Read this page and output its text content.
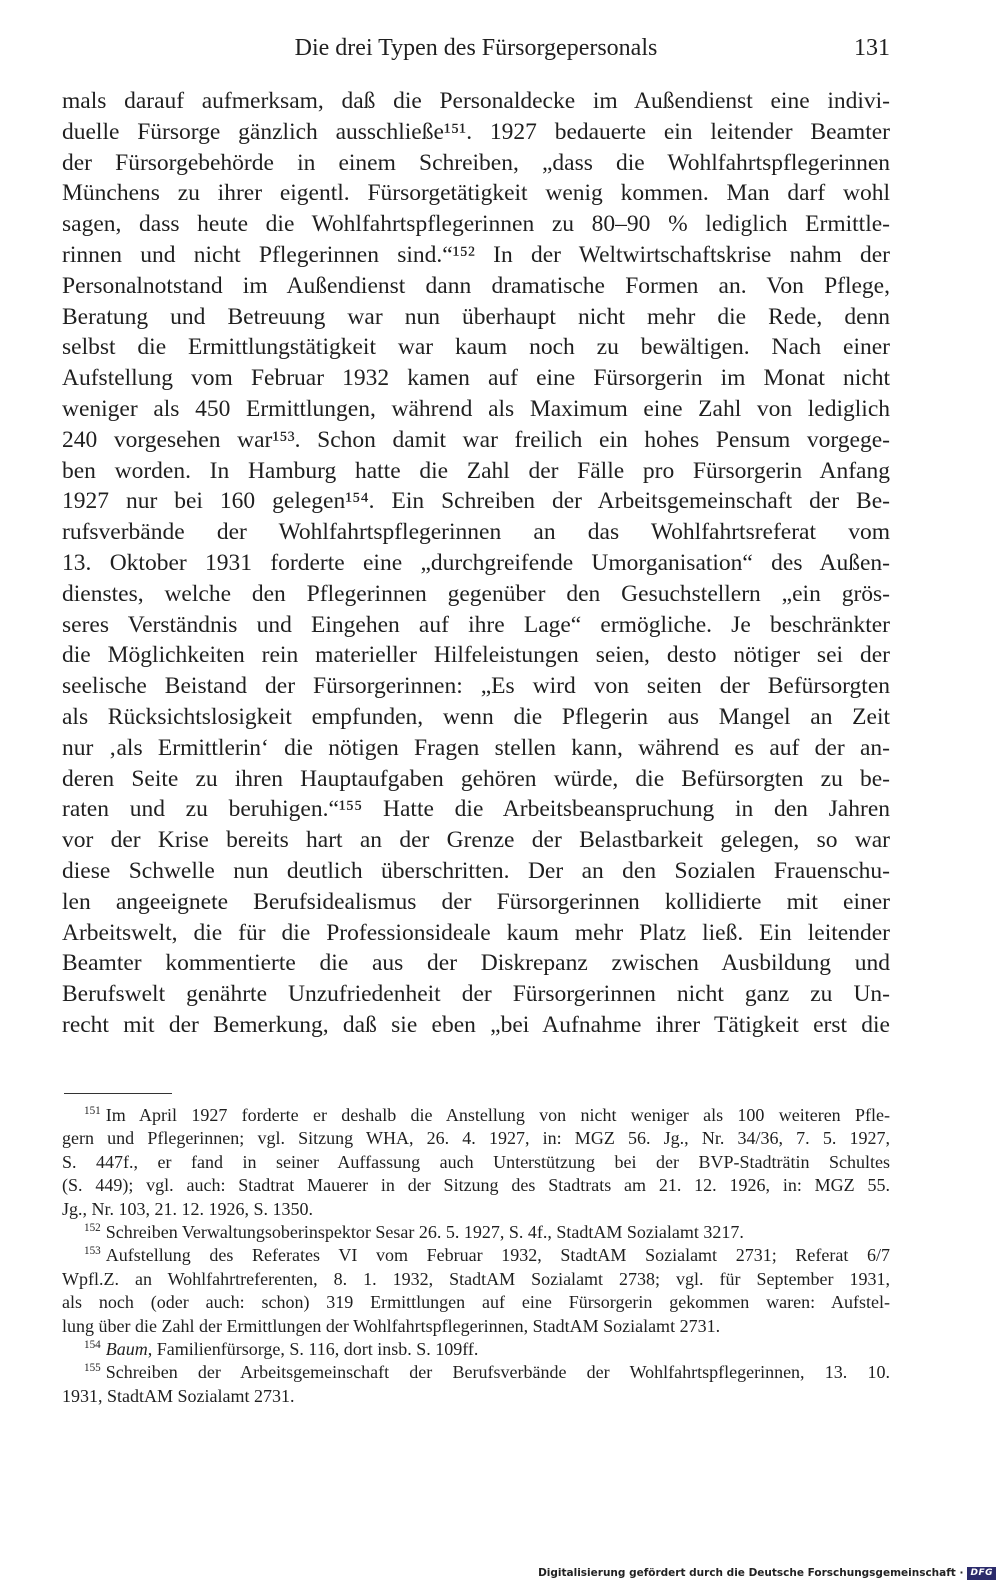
Die drei Typen des Fürsorgepersonals	131
mals darauf aufmerksam, daß die Personaldecke im Außendienst eine indivi-
duelle Fürsorge gänzlich ausschließe¹⁵¹. 1927 bedauerte ein leitender Beamter
der Fürsorgebehörde in einem Schreiben, „dass die Wohlfahrtspflegerinnen
Münchens zu ihrer eigentl. Fürsorgetätigkeit wenig kommen. Man darf wohl
sagen, dass heute die Wohlfahrtspflegerinnen zu 80–90 % lediglich Ermittle-
rinnen und nicht Pflegerinnen sind.“¹⁵² In der Weltwirtschaftskrise nahm der
Personalnotstand im Außendienst dann dramatische Formen an. Von Pflege,
Beratung und Betreuung war nun überhaupt nicht mehr die Rede, denn
selbst die Ermittlungstätigkeit war kaum noch zu bewältigen. Nach einer
Aufstellung vom Februar 1932 kamen auf eine Fürsorgerin im Monat nicht
weniger als 450 Ermittlungen, während als Maximum eine Zahl von lediglich
240 vorgesehen war¹⁵³. Schon damit war freilich ein hohes Pensum vorgege-
ben worden. In Hamburg hatte die Zahl der Fälle pro Fürsorgerin Anfang
1927 nur bei 160 gelegen¹⁵⁴. Ein Schreiben der Arbeitsgemeinschaft der Be-
rufsverbände der Wohlfahrtspflegerinnen an das Wohlfahrtsreferat vom
13. Oktober 1931 forderte eine „durchgreifende Umorganisation“ des Außen-
dienstes, welche den Pflegerinnen gegenüber den Gesuchstellern „ein grös-
seres Verständnis und Eingehen auf ihre Lage“ ermögliche. Je beschränkter
die Möglichkeiten rein materieller Hilfeleistungen seien, desto nötiger sei der
seelische Beistand der Fürsorgerinnen: „Es wird von seiten der Befürsorgten
als Rücksichtslosigkeit empfunden, wenn die Pflegerin aus Mangel an Zeit
nur ‚als Ermittlerin‘ die nötigen Fragen stellen kann, während es auf der an-
deren Seite zu ihren Hauptaufgaben gehören würde, die Befürsorgten zu be-
raten und zu beruhigen.“¹⁵⁵ Hatte die Arbeitsbeanspruchung in den Jahren
vor der Krise bereits hart an der Grenze der Belastbarkeit gelegen, so war
diese Schwelle nun deutlich überschritten. Der an den Sozialen Frauenschu-
len angeeignete Berufsidealismus der Fürsorgerinnen kollidierte mit einer
Arbeitswelt, die für die Professionsideale kaum mehr Platz ließ. Ein leitender
Beamter kommentierte die aus der Diskrepanz zwischen Ausbildung und
Berufswelt genährte Unzufriedenheit der Fürsorgerinnen nicht ganz zu Un-
recht mit der Bemerkung, daß sie eben „bei Aufnahme ihrer Tätigkeit erst die
$^{151}$ Im April 1927 forderte er deshalb die Anstellung von nicht weniger als 100 weiteren Pfle-
gern und Pflegerinnen; vgl. Sitzung WHA, 26. 4. 1927, in: MGZ 56. Jg., Nr. 34/36, 7. 5. 1927,
S. 447f., er fand in seiner Auffassung auch Unterstützung bei der BVP-Stadträtin Schultes
(S. 449); vgl. auch: Stadtrat Mauerer in der Sitzung des Stadtrats am 21. 12. 1926, in: MGZ 55.
Jg., Nr. 103, 21. 12. 1926, S. 1350.
$^{152}$ Schreiben Verwaltungsoberinspektor Sesar 26. 5. 1927, S. 4f., StadtAM Sozialamt 3217.
$^{153}$ Aufstellung des Referates VI vom Februar 1932, StadtAM Sozialamt 2731; Referat 6/7
Wpfl.Z. an Wohlfahrtreferenten, 8. 1. 1932, StadtAM Sozialamt 2738; vgl. für September 1931,
als noch (oder auch: schon) 319 Ermittlungen auf eine Fürsorgerin gekommen waren: Aufstel-
lung über die Zahl der Ermittlungen der Wohlfahrtspflegerinnen, StadtAM Sozialamt 2731.
$^{154}$ Baum, Familienfürsorge, S. 116, dort insb. S. 109ff.
$^{155}$ Schreiben der Arbeitsgemeinschaft der Berufsverbände der Wohlfahrtspflegerinnen, 13. 10.
1931, StadtAM Sozialamt 2731.
Digitalisierung gefördert durch die Deutsche Forschungsgemeinschaft · DFG
